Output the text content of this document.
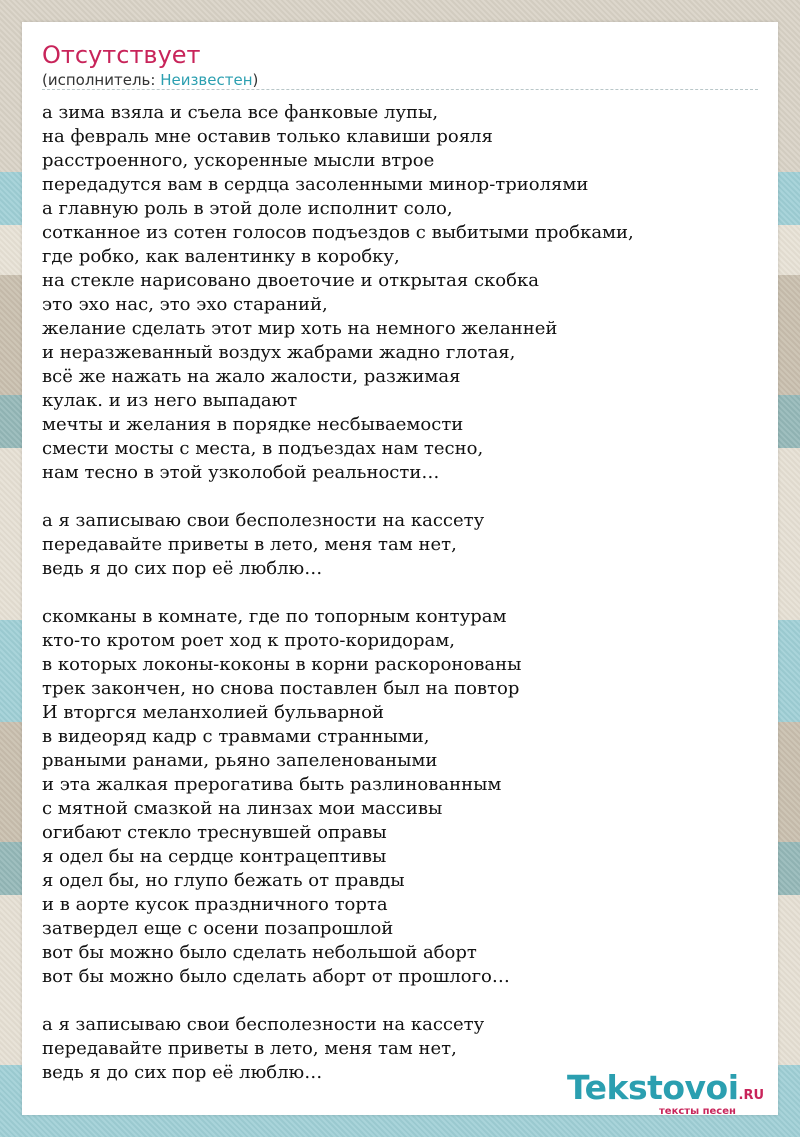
Отсутствует
(исполнитель: Неизвестен)
а зима взяла и съела все фанковые лупы,
на февраль мне оставив только клавиши рояля
расстроенного, ускоренные мысли втрое
передадутся вам в сердца засоленными минор-триолями
а главную роль в этой доле исполнит соло,
сотканное из сотен голосов подъездов с выбитыми пробками,
где робко, как валентинку в коробку,
на стекле нарисовано двоеточие и открытая скобка
это эхо нас, это эхо стараний,
желание сделать этот мир хоть на немного желанней
и неразжеванный воздух жабрами жадно глотая,
всё же нажать на жало жалости, разжимая
кулак. и из него выпадают
мечты и желания в порядке несбываемости
смести мосты с места, в подъездах нам тесно,
нам тесно в этой узколобой реальности…
а я записываю свои бесполезности на кассету
передавайте приветы в лето, меня там нет,
ведь я до сих пор её люблю…
скомканы в комнате, где по топорным контурам
кто-то кротом роет ход к прото-коридорам,
в которых локоны-коконы в корни раскоронованы
трек закончен, но снова поставлен был на повтор
И вторгся меланхолией бульварной
в видеоряд кадр с травмами странными,
рваными ранами, рьяно запеленоваными
и эта жалкая прерогатива быть разлинованным
с мятной смазкой на линзах мои массивы
огибают стекло треснувшей оправы
я одел бы на сердце контрацептивы
я одел бы, но глупо бежать от правды
и в аорте кусок праздничного торта
затвердел еще с осени позапрошлой
вот бы можно было сделать небольшой аборт
вот бы можно было сделать аборт от прошлого…
а я записываю свои бесполезности на кассету
передавайте приветы в лето, меня там нет,
ведь я до сих пор её люблю…	Tekstovoi.RU
тексты песен
